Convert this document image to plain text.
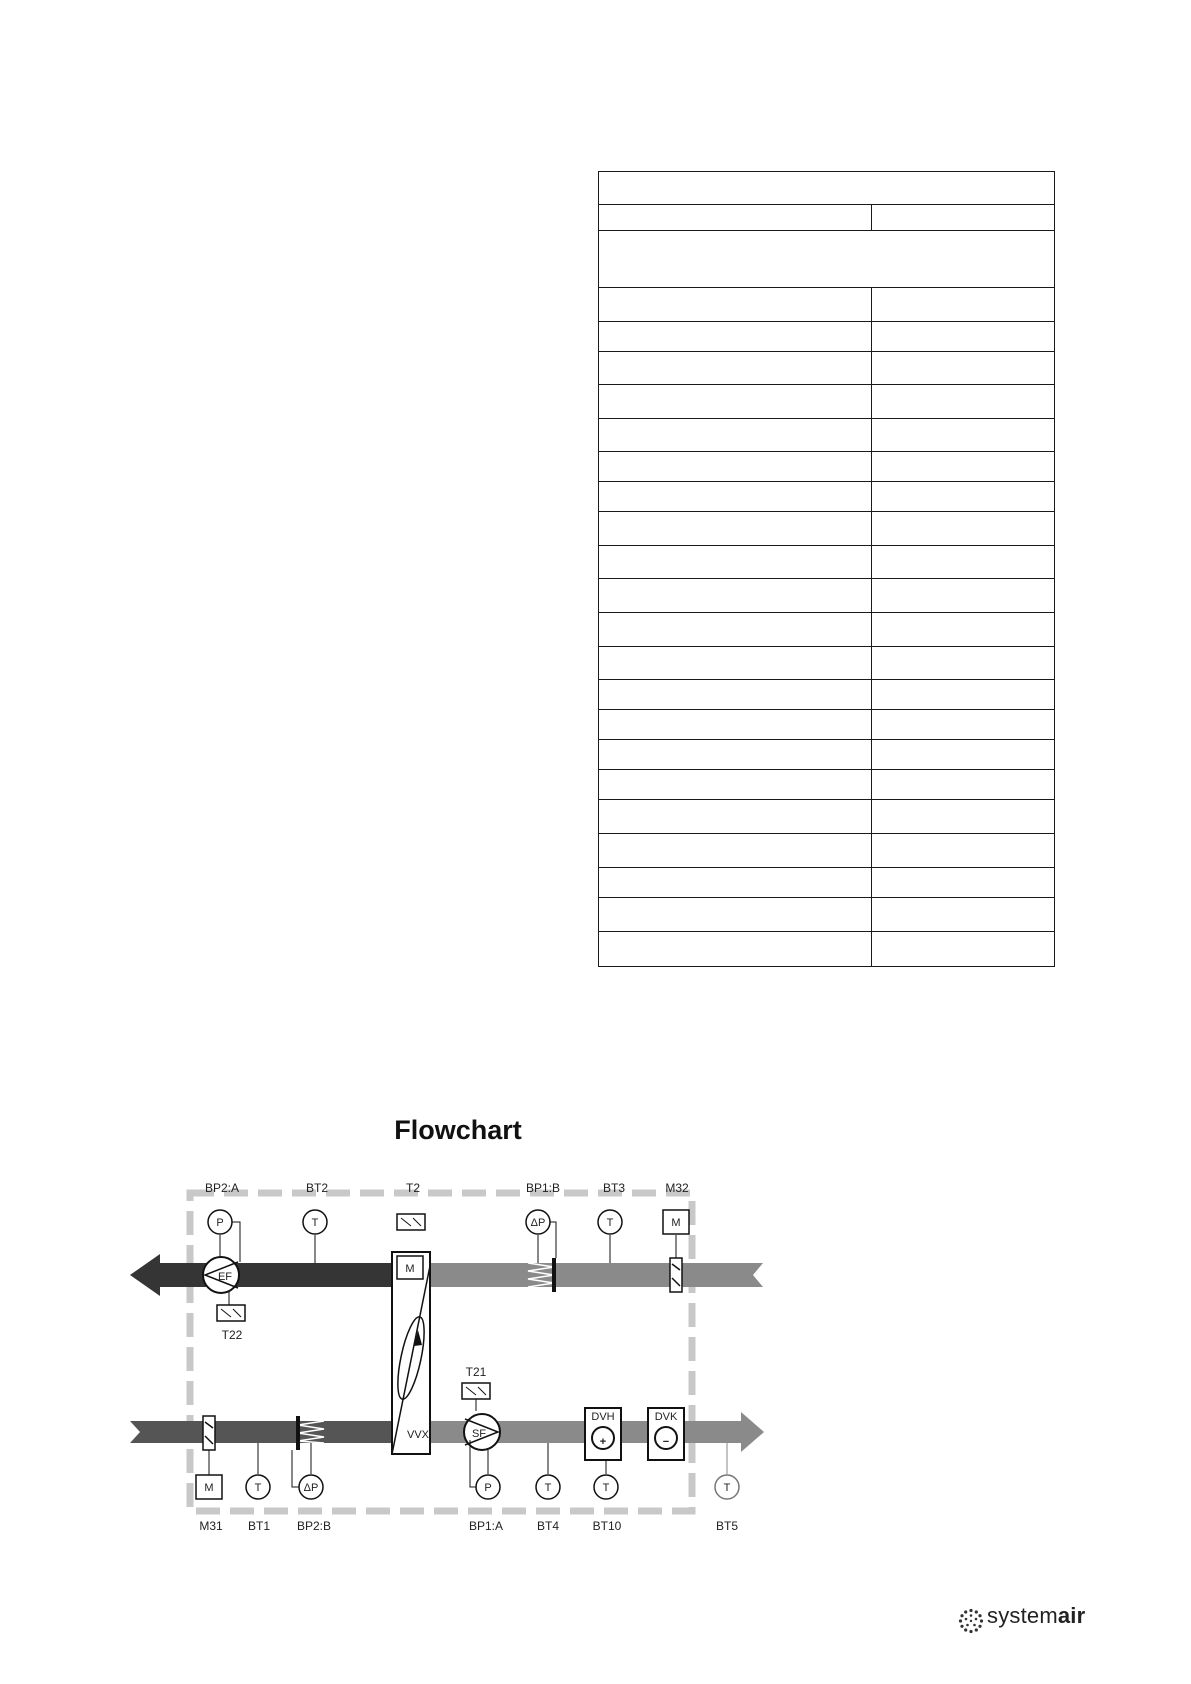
Flowchart
M
VVX
EF
SF
DVH
+
DVK
−
P	T	ΔP	T	M
M	T	ΔP	P	T	T	T
BP2:A	BT2	T2	BP1:B	BT3	M32
T22
T21
M31 BT1 BP2:B	BP1:A	BT4	BT10	BT5
systemair
